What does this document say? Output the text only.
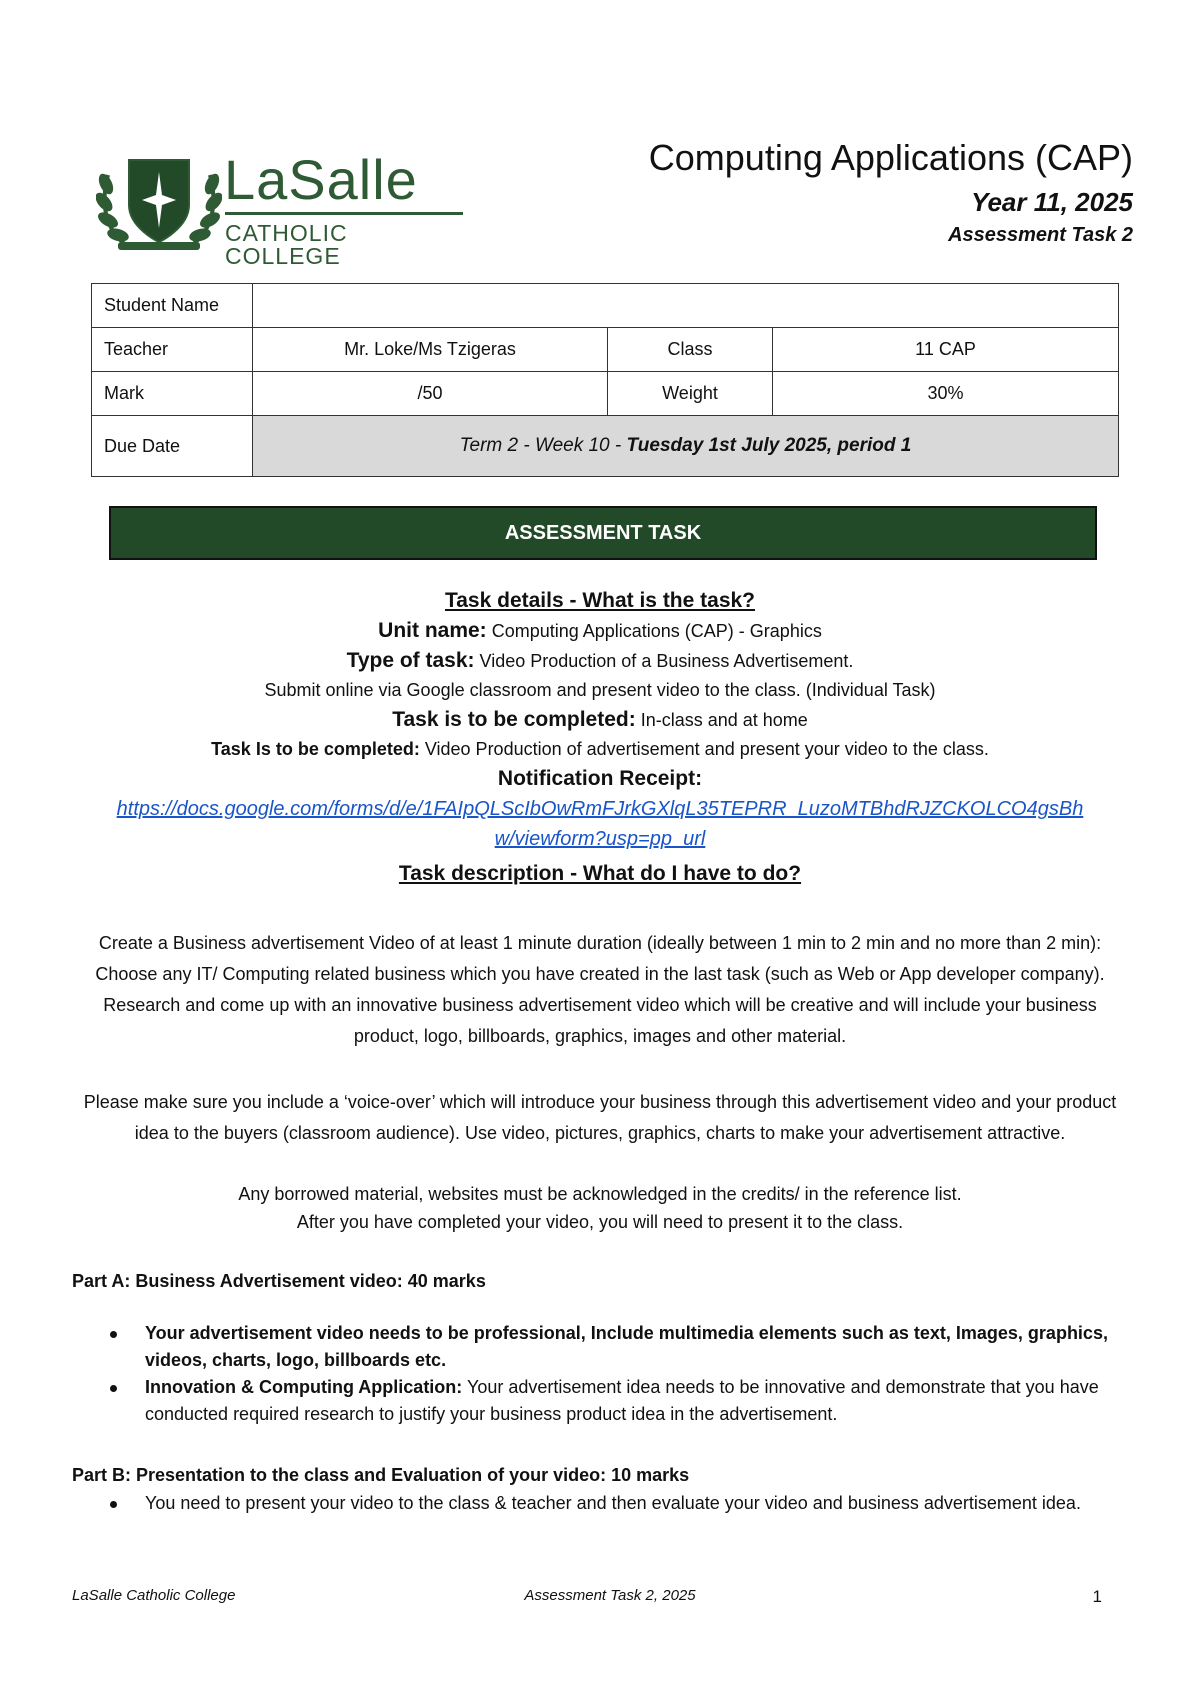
LaSalle
CATHOLIC COLLEGE
Computing Applications (CAP)
Year 11, 2025
Assessment Task 2
Student Name			
Teacher	Mr. Loke/Ms Tzigeras	Class	11 CAP
Mark	/50	Weight	30%
Due Date	Term 2 - Week 10 - Tuesday 1st July 2025, period 1		
ASSESSMENT TASK
Task details - What is the task?
Unit name: Computing Applications (CAP) - Graphics
Type of task: Video Production of a Business Advertisement.
Submit online via Google classroom and present video to the class. (Individual Task)
Task is to be completed: In-class and at home
Task Is to be completed: Video Production of advertisement and present your video to the class.
Notification Receipt:
https://docs.google.com/forms/d/e/1FAIpQLScIbOwRmFJrkGXlqL35TEPRR_LuzoMTBhdRJZCKOLCO4gsBh
w/viewform?usp=pp_url
Task description - What do I have to do?
Create a Business advertisement Video of at least 1 minute duration (ideally between 1 min to 2 min and no more than 2 min): Choose any IT/ Computing related business which you have created in the last task (such as Web or App developer company). Research and come up with an innovative business advertisement video which will be creative and will include your business product, logo, billboards, graphics, images and other material.
Please make sure you include a ‘voice-over’ which will introduce your business through this advertisement video and your product idea to the buyers (classroom audience). Use video, pictures, graphics, charts to make your advertisement attractive.
Any borrowed material, websites must be acknowledged in the credits/ in the reference list.
After you have completed your video, you will need to present it to the class.
Part A: Business Advertisement video: 40 marks
Your advertisement video needs to be professional, Include multimedia elements such as text, Images, graphics, videos, charts, logo, billboards etc.
Innovation & Computing Application: Your advertisement idea needs to be innovative and demonstrate that you have conducted required research to justify your business product idea in the advertisement.
Part B: Presentation to the class and Evaluation of your video: 10 marks
You need to present your video to the class & teacher and then evaluate your video and business advertisement idea.
LaSalle Catholic College	Assessment Task 2, 2025	1
